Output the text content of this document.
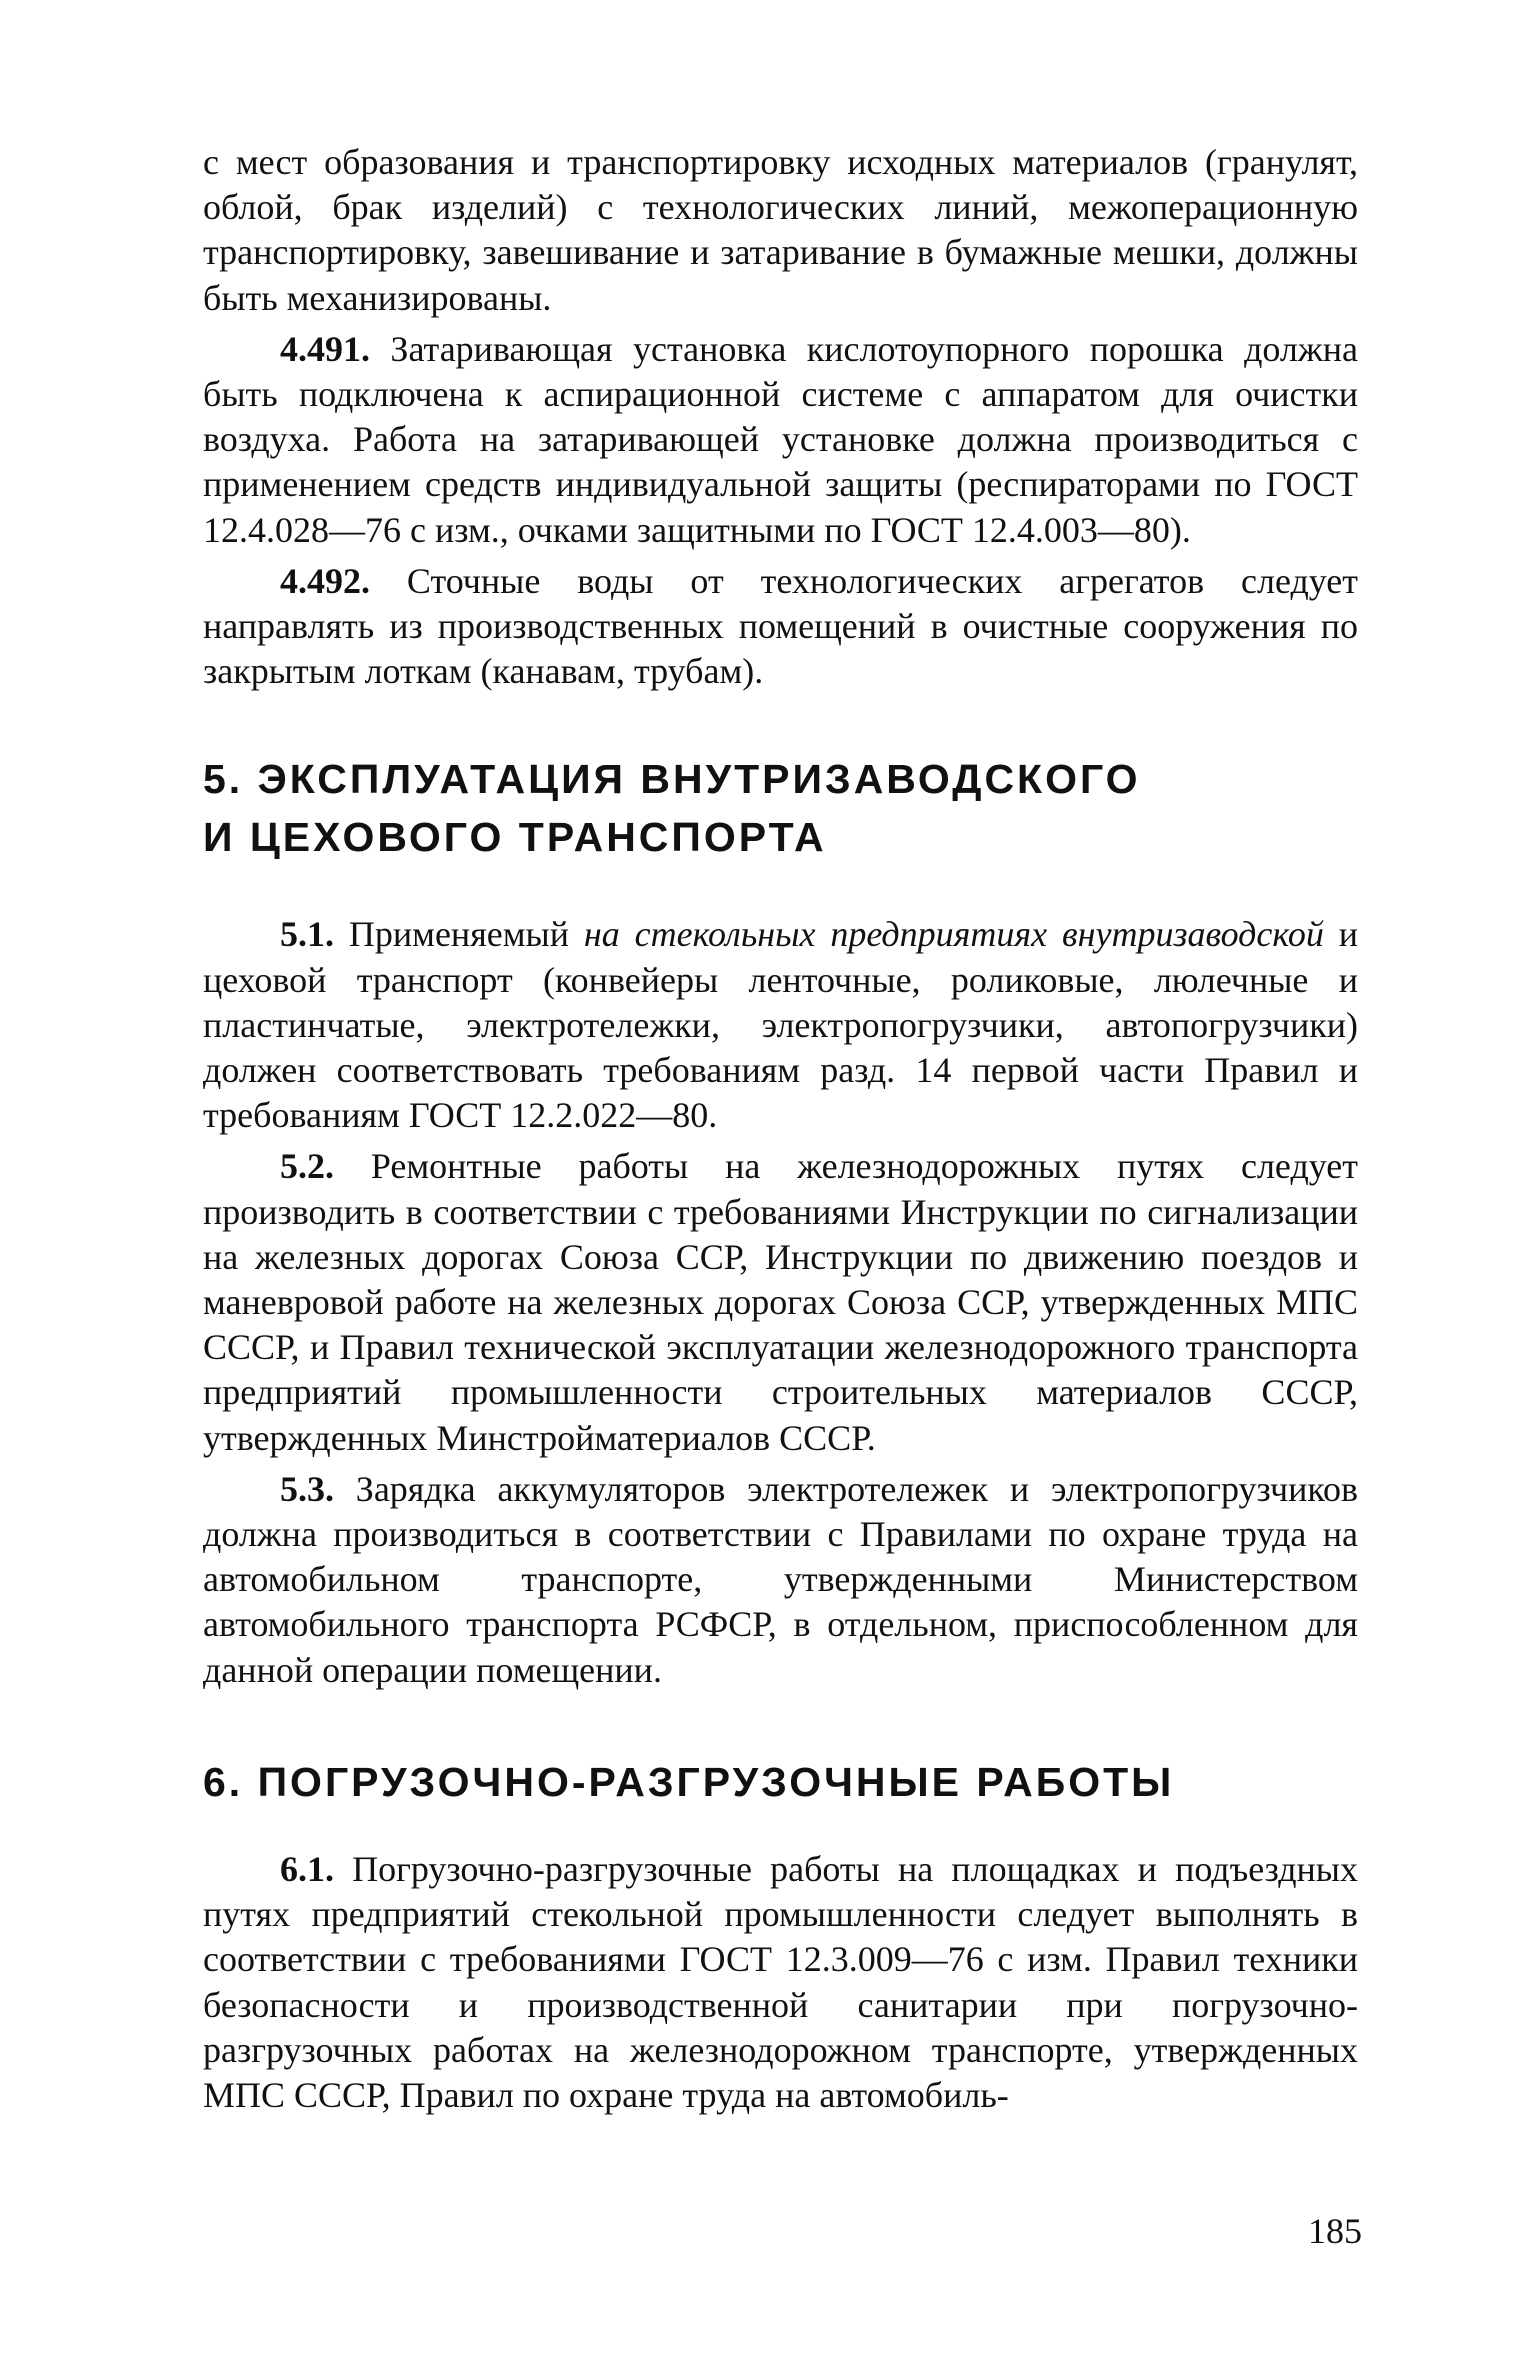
с мест образования и транспортировку исходных материалов (гранулят, облой, брак изделий) с технологических линий, межоперационную транспортировку, завешивание и затаривание в бумажные мешки, должны быть механизированы.

4.491. Затаривающая установка кислотоупорного порошка должна быть подключена к аспирационной системе с аппаратом для очистки воздуха. Работа на затаривающей установке должна производиться с применением средств индивидуальной защиты (респираторами по ГОСТ 12.4.028—76 с изм., очками защитными по ГОСТ 12.4.003—80).

4.492. Сточные воды от технологических агрегатов следует направлять из производственных помещений в очистные сооружения по закрытым лоткам (канавам, трубам).

5. ЭКСПЛУАТАЦИЯ ВНУТРИЗАВОДСКОГО
И ЦЕХОВОГО ТРАНСПОРТА

5.1. Применяемый на стекольных предприятиях внутризаводской и цеховой транспорт (конвейеры ленточные, роликовые, люлечные и пластинчатые, электротележки, электропогрузчики, автопогрузчики) должен соответствовать требованиям разд. 14 первой части Правил и требованиям ГОСТ 12.2.022—80.

5.2. Ремонтные работы на железнодорожных путях следует производить в соответствии с требованиями Инструкции по сигнализации на железных дорогах Союза ССР, Инструкции по движению поездов и маневровой работе на железных дорогах Союза ССР, утвержденных МПС СССР, и Правил технической эксплуатации железнодорожного транспорта предприятий промышленности строительных материалов СССР, утвержденных Минстройматериалов СССР.

5.3. Зарядка аккумуляторов электротележек и электропогрузчиков должна производиться в соответствии с Правилами по охране труда на автомобильном транспорте, утвержденными Министерством автомобильного транспорта РСФСР, в отдельном, приспособленном для данной операции помещении.

6. ПОГРУЗОЧНО-РАЗГРУЗОЧНЫЕ РАБОТЫ

6.1. Погрузочно-разгрузочные работы на площадках и подъездных путях предприятий стекольной промышленности следует выполнять в соответствии с требованиями ГОСТ 12.3.009—76 с изм. Правил техники безопасности и производственной санитарии при погрузочно-разгрузочных работах на железнодорожном транспорте, утвержденных МПС СССР, Правил по охране труда на автомобиль-

185
